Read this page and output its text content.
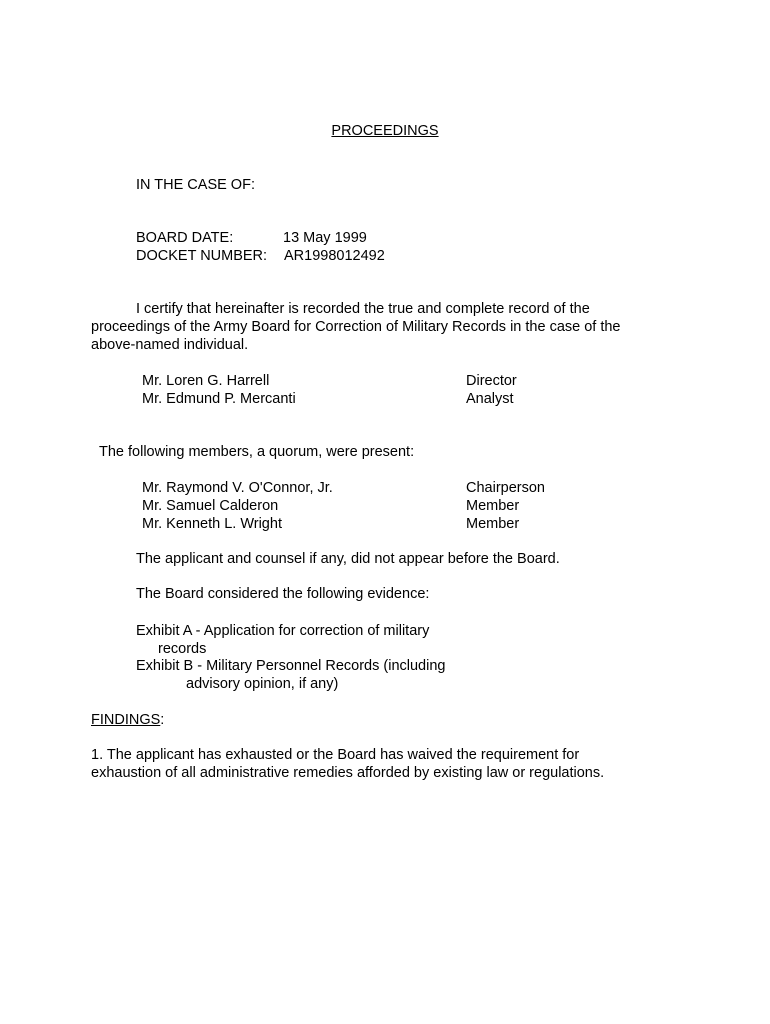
PROCEEDINGS
IN THE CASE OF:
BOARD DATE:	13 May 1999
DOCKET NUMBER: AR1998012492

I certify that hereinafter is recorded the true and complete record of the proceedings of the Army Board for Correction of Military Records in the case of the above-named individual.

Mr. Loren G. Harrell	Director
Mr. Edmund P. Mercanti	Analyst
The following members, a quorum, were present:
Mr. Raymond V. O'Connor, Jr.	Chairperson
Mr. Samuel Calderon	Member
Mr. Kenneth L. Wright	Member
The applicant and counsel if any, did not appear before the Board.
The Board considered the following evidence:
Exhibit A - Application for correction of military
records
Exhibit B - Military Personnel Records (including
advisory opinion, if any)
FINDINGS:

1. The applicant has exhausted or the Board has waived the requirement for exhaustion of all administrative remedies afforded by existing law or regulations.
